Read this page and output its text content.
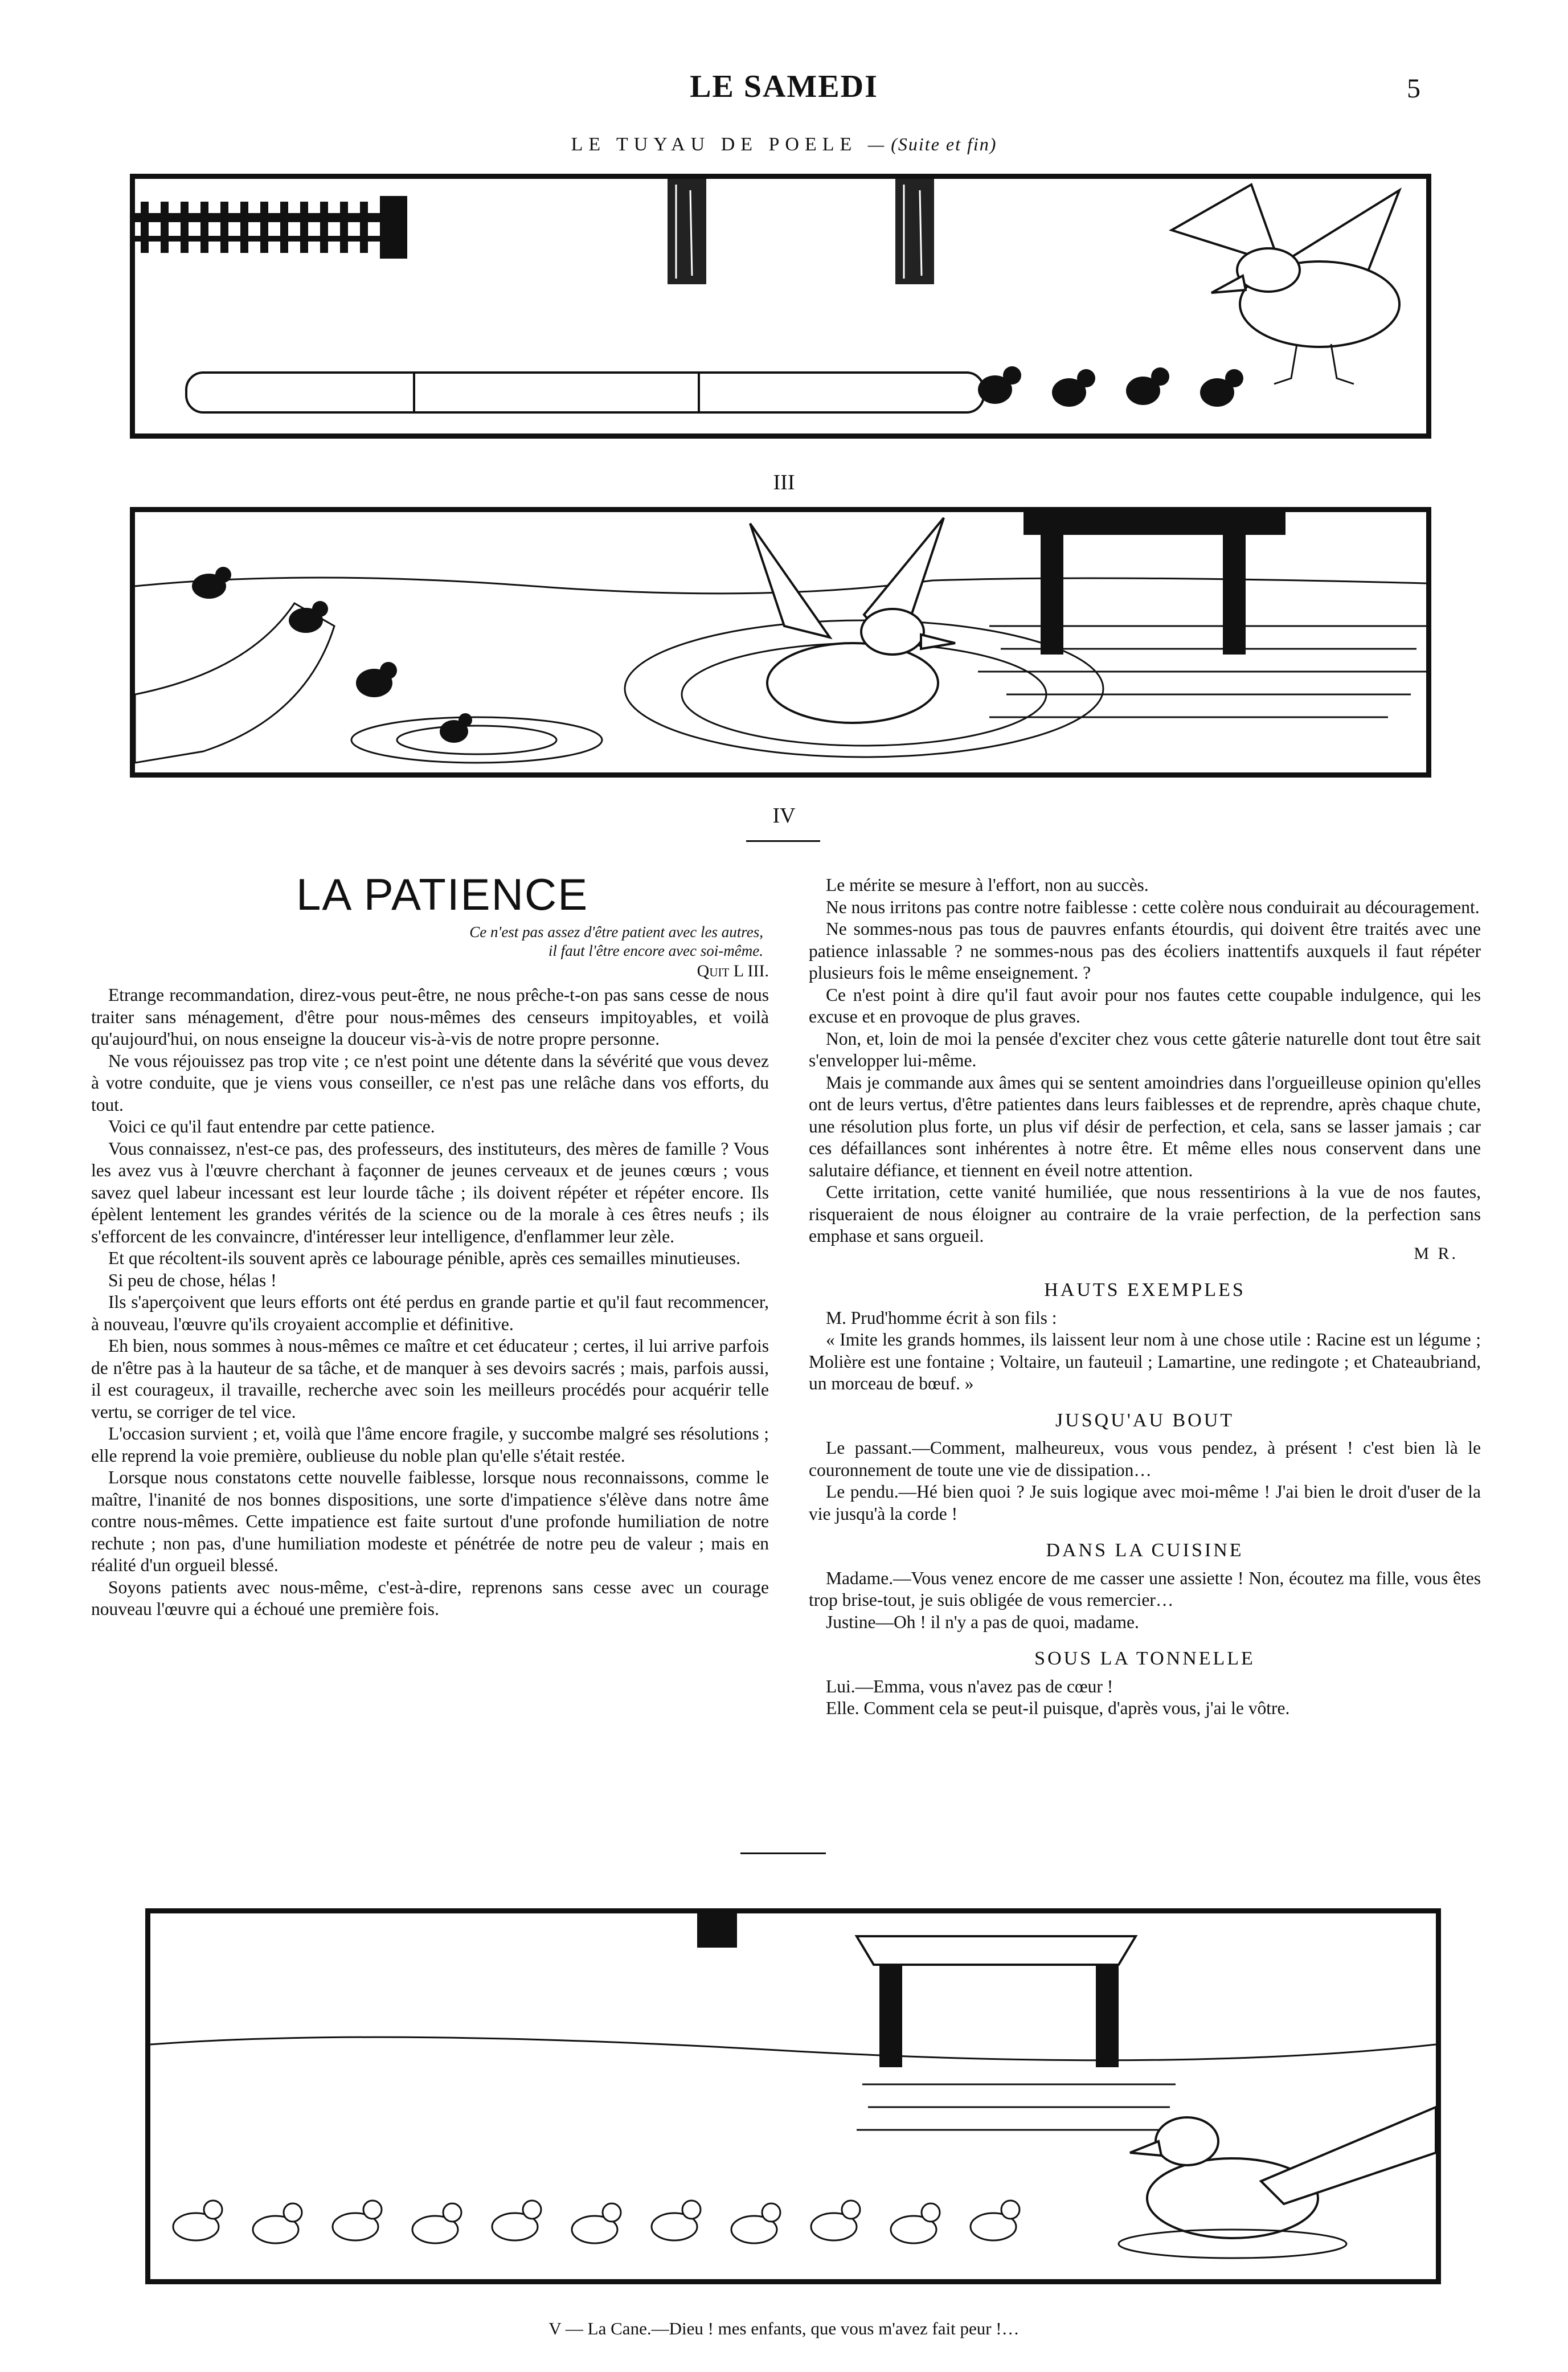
LE SAMEDI	5
LE TUYAU DE POELE — (Suite et fin)
III
IV
LA PATIENCE
Ce n'est pas assez d'être patient avec les autres,
il faut l'être encore avec soi-même.
Quit L III.

Etrange recommandation, direz-vous peut-être, ne nous prêche-t-on pas sans cesse de nous traiter sans ménagement, d'être pour nous-mêmes des censeurs impitoyables, et voilà qu'aujourd'hui, on nous enseigne la douceur vis-à-vis de notre propre personne.

Ne vous réjouissez pas trop vite ; ce n'est point une détente dans la sévérité que vous devez à votre conduite, que je viens vous conseiller, ce n'est pas une relâche dans vos efforts, du tout.

Voici ce qu'il faut entendre par cette patience.

Vous connaissez, n'est-ce pas, des professeurs, des instituteurs, des mères de famille ? Vous les avez vus à l'œuvre cherchant à façonner de jeunes cerveaux et de jeunes cœurs ; vous savez quel labeur incessant est leur lourde tâche ; ils doivent répéter et répéter encore. Ils épèlent lentement les grandes vérités de la science ou de la morale à ces êtres neufs ; ils s'efforcent de les convaincre, d'intéresser leur intelligence, d'enflammer leur zèle.

Et que récoltent-ils souvent après ce labourage pénible, après ces semailles minutieuses.

Si peu de chose, hélas !

Ils s'aperçoivent que leurs efforts ont été perdus en grande partie et qu'il faut recommencer, à nouveau, l'œuvre qu'ils croyaient accomplie et définitive.

Eh bien, nous sommes à nous-mêmes ce maître et cet éducateur ; certes, il lui arrive parfois de n'être pas à la hauteur de sa tâche, et de manquer à ses devoirs sacrés ; mais, parfois aussi, il est courageux, il travaille, recherche avec soin les meilleurs procédés pour acquérir telle vertu, se corriger de tel vice.

L'occasion survient ; et, voilà que l'âme encore fragile, y succombe malgré ses résolutions ; elle reprend la voie première, oublieuse du noble plan qu'elle s'était restée.

Lorsque nous constatons cette nouvelle faiblesse, lorsque nous reconnaissons, comme le maître, l'inanité de nos bonnes dispositions, une sorte d'impatience s'élève dans notre âme contre nous-mêmes. Cette impatience est faite surtout d'une profonde humiliation de notre rechute ; non pas, d'une humiliation modeste et pénétrée de notre peu de valeur ; mais en réalité d'un orgueil blessé.

Soyons patients avec nous-même, c'est-à-dire, reprenons sans cesse avec un courage nouveau l'œuvre qui a échoué une première fois.

Le mérite se mesure à l'effort, non au succès.

Ne nous irritons pas contre notre faiblesse : cette colère nous conduirait au découragement.

Ne sommes-nous pas tous de pauvres enfants étourdis, qui doivent être traités avec une patience inlassable ? ne sommes-nous pas des écoliers inattentifs auxquels il faut répéter plusieurs fois le même enseignement. ?

Ce n'est point à dire qu'il faut avoir pour nos fautes cette coupable indulgence, qui les excuse et en provoque de plus graves.

Non, et, loin de moi la pensée d'exciter chez vous cette gâterie naturelle dont tout être sait s'envelopper lui-même.

Mais je commande aux âmes qui se sentent amoindries dans l'orgueilleuse opinion qu'elles ont de leurs vertus, d'être patientes dans leurs faiblesses et de reprendre, après chaque chute, une résolution plus forte, un plus vif désir de perfection, et cela, sans se lasser jamais ; car ces défaillances sont inhérentes à notre être. Et même elles nous conservent dans une salutaire défiance, et tiennent en éveil notre attention.

Cette irritation, cette vanité humiliée, que nous ressentirions à la vue de nos fautes, risqueraient de nous éloigner au contraire de la vraie perfection, de la perfection sans emphase et sans orgueil.

M R.
HAUTS EXEMPLES

M. Prud'homme écrit à son fils :

« Imite les grands hommes, ils laissent leur nom à une chose utile : Racine est un légume ; Molière est une fontaine ; Voltaire, un fauteuil ; Lamartine, une redingote ; et Chateaubriand, un morceau de bœuf. »

JUSQU'AU BOUT

Le passant.—Comment, malheureux, vous vous pendez, à présent ! c'est bien là le couronnement de toute une vie de dissipation…

Le pendu.—Hé bien quoi ? Je suis logique avec moi-même ! J'ai bien le droit d'user de la vie jusqu'à la corde !

DANS LA CUISINE

Madame.—Vous venez encore de me casser une assiette ! Non, écoutez ma fille, vous êtes trop brise-tout, je suis obligée de vous remercier…

Justine—Oh ! il n'y a pas de quoi, madame.

SOUS LA TONNELLE

Lui.—Emma, vous n'avez pas de cœur !

Elle. Comment cela se peut-il puisque, d'après vous, j'ai le vôtre.

V — La Cane.—Dieu ! mes enfants, que vous m'avez fait peur !…
